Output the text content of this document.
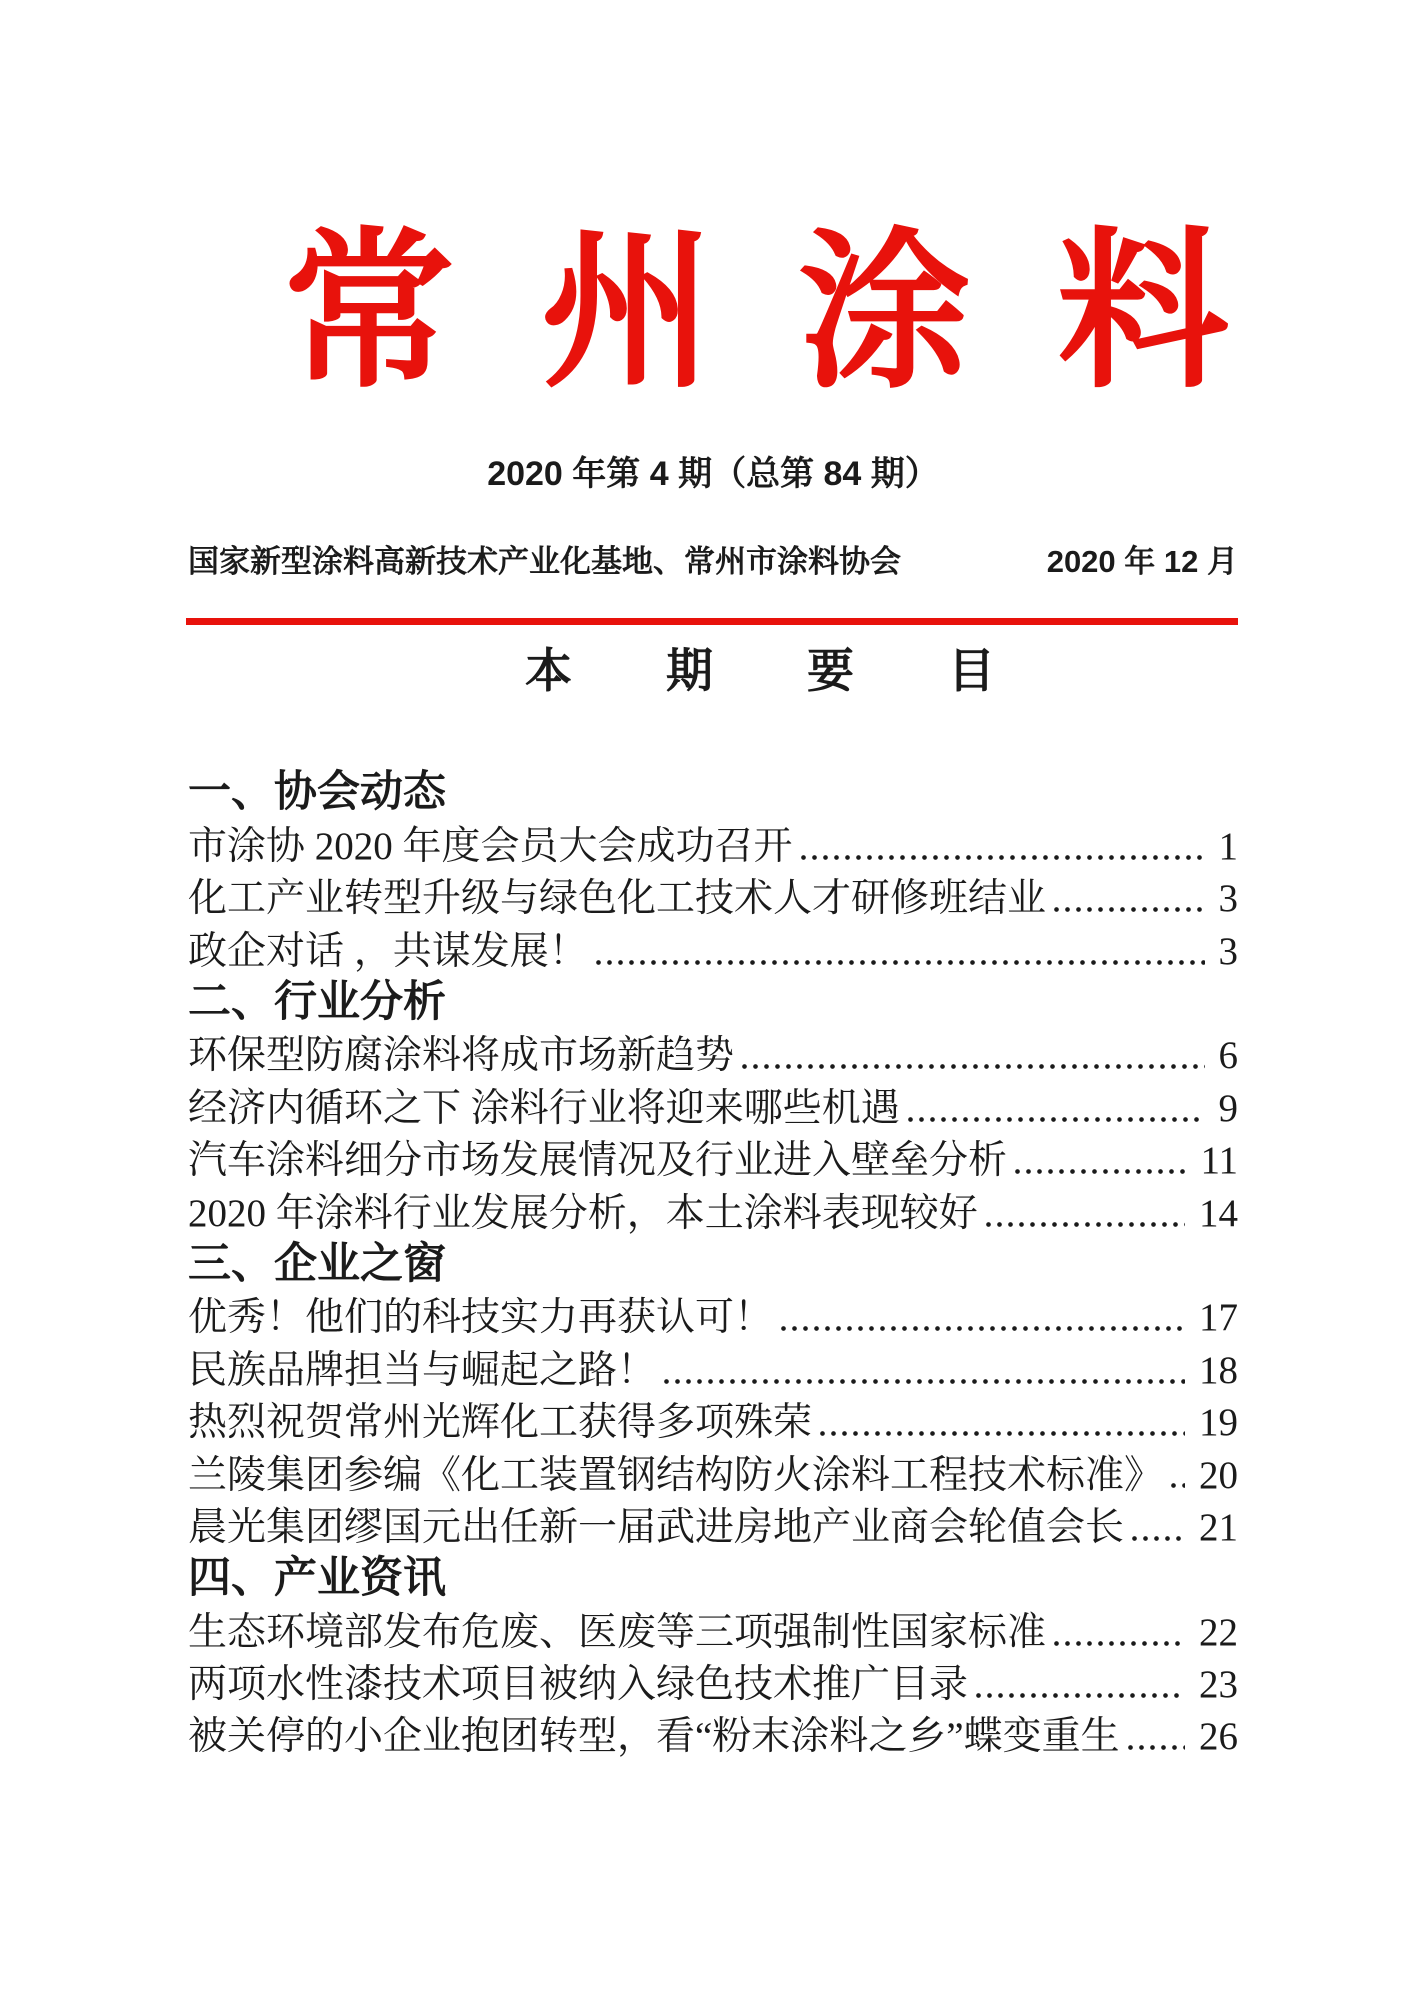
常州涂料
2020 年第 4 期（总第 84 期）
国家新型涂料高新技术产业化基地、常州市涂料协会	2020 年 12 月
本期要目
一、协会动态
市涂协 2020 年度会员大会成功召开	1
化工产业转型升级与绿色化工技术人才研修班结业	3
政企对话 ，共谋发展！	3
二、行业分析
环保型防腐涂料将成市场新趋势	6
经济内循环之下 涂料行业将迎来哪些机遇	9
汽车涂料细分市场发展情况及行业进入壁垒分析	11
2020 年涂料行业发展分析，本土涂料表现较好	14
三、企业之窗
优秀！他们的科技实力再获认可！	17
民族品牌担当与崛起之路！	18
热烈祝贺常州光辉化工获得多项殊荣	19
兰陵集团参编《化工装置钢结构防火涂料工程技术标准》 20
晨光集团缪国元出任新一届武进房地产业商会轮值会长 21
四、产业资讯
生态环境部发布危废、医废等三项强制性国家标准	22
两项水性漆技术项目被纳入绿色技术推广目录	23
被关停的小企业抱团转型，看“粉末涂料之乡”蝶变重生 26
